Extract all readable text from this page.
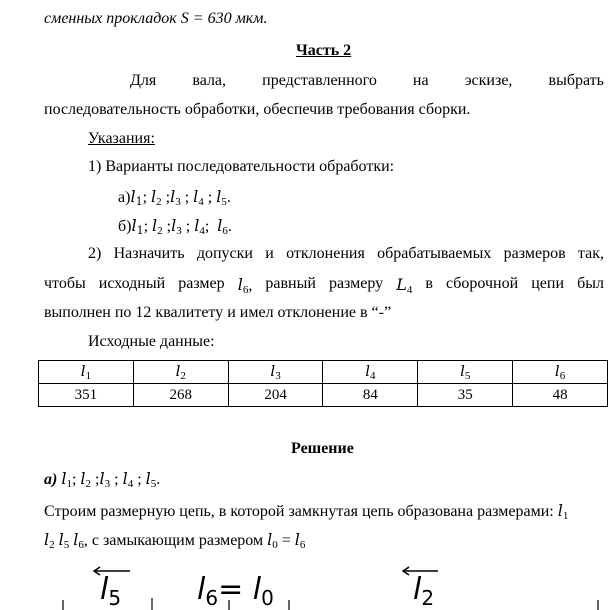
сменных прокладок S = 630 мкм.
Часть 2
Для вала, представленного на эскизе, выбрать
последовательность обработки, обеспечив требования сборки.
Указания:
1) Варианты последовательности обработки:
$а)l_1$; $l_2$ $;l_3$ ; $l_4$ ; $l_5$.
$б)l_1$; $l_2$ $;l_3$ ; $l_4$;  $l_6$.
2) Назначить допуски и отклонения обрабатываемых размеров так,
чтобы исходный размер $l_6$, равный размеру $L_4$ в сборочной цепи был
выполнен по 12 квалитету и имел отклонение в “-”
Исходные данные:
$l_1$	$l_2$	$l_3$	$l_4$	$l_5$	$l_6$
351	268	204	84	35	48
Решение
а) $l_1$; $l_2$ $;l_3$ ; $l_4$ ; $l_5$.
Строим размерную цепь, в которой замкнутая цепь образована размерами: $l_1$
$l_2$ $l_5$ $l_6$, с замыкающим размером $l_0 = l_6$
$l_5$	$l_6= l_0$	$l_2$
